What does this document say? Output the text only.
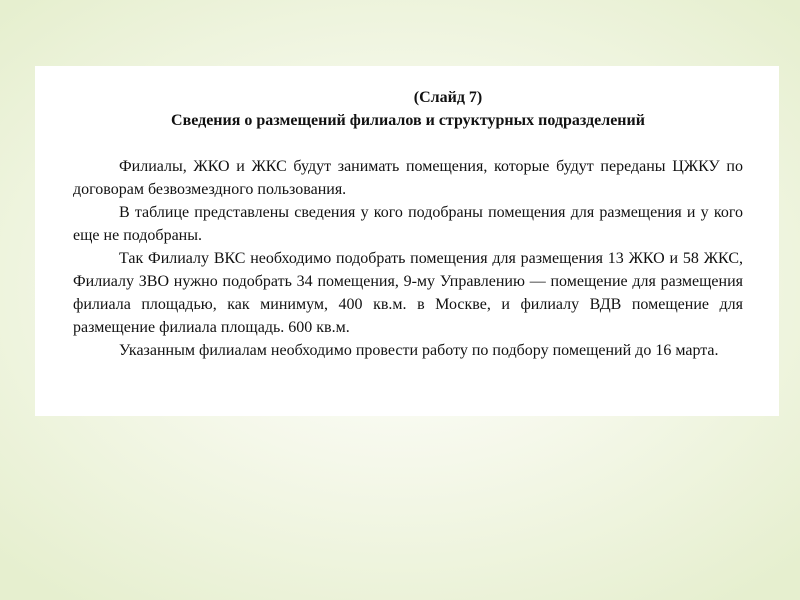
(Слайд 7)
Сведения о размещений филиалов и структурных подразделений

Филиалы, ЖКО и ЖКС будут занимать помещения, которые будут переданы ЦЖКУ по договорам безвозмездного пользования.

В таблице представлены сведения у кого подобраны помещения для размещения и у кого еще не подобраны.

Так Филиалу ВКС необходимо подобрать помещения для размещения 13 ЖКО и 58 ЖКС, Филиалу ЗВО нужно подобрать 34 помещения, 9-му Управлению — помещение для размещения филиала площадью, как минимум, 400 кв.м. в Москве, и филиалу ВДВ помещение для размещение филиала площадь. 600 кв.м.

Указанным филиалам необходимо провести работу по подбору помещений до 16 марта.
